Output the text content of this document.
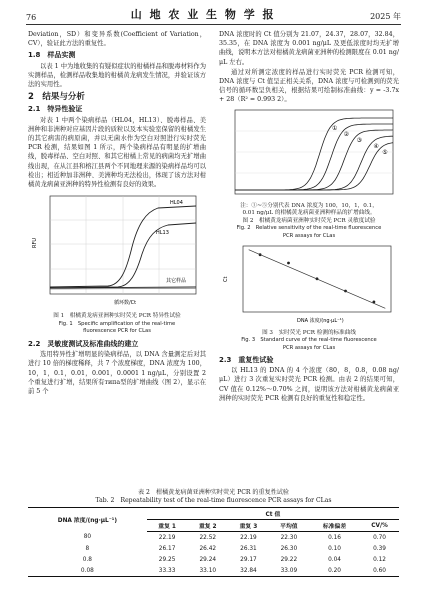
76	山 地 农 业 生 物 学 报	2025 年

Deviation，SD）和变异系数(Coefficient of Variation，CV），验证此方法的重复性。

1.8　样品实测

以表 1 中为地收集的有疑似症状的柑橘样品和脱毒材料作为实测样品，检测样品收集地的柑橘黄龙病发生情况，并验证该方法的实用性。

2　结果与分析
2.1　特异性验证

对表 1 中两个染病样品（HL04，HL13）、脱毒样品、美洲种和非洲种对应基因片段的质粒以及本实验室保留的柑橘发生的其它病害的病原菌，并以无菌水作为空白对照进行实时荧光 PCR 检测，结果如图 1 所示，两个染病样品有明显的扩增曲线，脱毒样品、空白对照、和其它柑橘上常见的病菌均无扩增曲线出现，在从江县和榕江县两个不同地理来源的染病样品均可以检出；相近种加非洲种、美洲种均无法检出，体现了该方法对柑橘黄龙病菌亚洲种的特异性检测有良好的效果。

HL04
HL13
其它样品
RFU
循环数/Ct
图 1　柑橘黄龙病亚洲种实时荧光 PCR 特异性试验
Fig. 1　Specific amplification of the real-time
fluorescence PCR for CLas
2.2　灵敏度测试及标准曲线的建立

选用特异性扩增明显的染病样品，以 DNA 含量测定后对其进行 10 倍的梯度稀释，共 7 个浓度梯度，DNA 浓度为 100，10，1，0.1，0.01，0.001，0.0001 1 ng/μL，分别设置 2 个重复进行扩增，结果所有типа型的扩增曲线（图 2），显示在前 5 个

DNA 浓度时的 Ct 值分别为 21.07，24.37，28.07，32.84，35.35，在 DNA 浓度为 0.001 ng/μL 及更低浓度时均无扩增曲线，说明本方法对柑橘黄龙病菌亚洲种的检测限度在 0.01 ng/μL 左右。

通过对所测定浓度的样品进行实时荧光 PCR 检测可知，DNA 浓度与 Ct 值呈正相关关系，DNA 浓度与可检测到的荧光信号的循环数呈负相关，根据结果可绘制标准曲线：y = -3.7x + 28（R² = 0.993 2）。

①
②
③
④
⑤
注：①~⑤分别代表 DNA 浓度为 100，10，1，0.1，
0.01 ng/μL 的柑橘黄龙病菌亚洲种样品的扩增曲线。
图 2　柑橘黄龙病菌亚洲种实时荧光 PCR 灵敏度试验
Fig. 2　Relative sensitivity of the real-time fluorescence
PCR assays for CLas
Ct
DNA 浓度/(ng·μL⁻¹)
图 3　实时荧光 PCR 检测的标准曲线
Fig. 3　Standard curve of the real-time fluorescence
PCR assays for CLas
2.3　重复性试验

以 HL13 的 DNA 的 4 个浓度（80，8，0.8，0.08 ng/μL）进行 3 次重复实时荧光 PCR 检测。由表 2 的结果可知，CV 值在 0.12%～0.70% 之间，说明该方法对柑橘黄龙病菌亚洲种的实时荧光 PCR 检测有良好的重复性和稳定性。

表 2　柑橘黄龙病菌亚洲种实时荧光 PCR 的重复性试验
Tab. 2　Repeatability test of the real-time fluorescence PCR assays for CLas
DNA 浓度/(ng·μL⁻¹)	Ct 值					
	重复 1	重复 2	重复 3	平均值	标准偏差	CV/%
80	22.19	22.52	22.19	22.30	0.16	0.70
8	26.17	26.42	26.31	26.30	0.10	0.39
0.8	29.25	29.24	29.17	29.22	0.04	0.12
0.08	33.33	33.10	32.84	33.09	0.20	0.60
